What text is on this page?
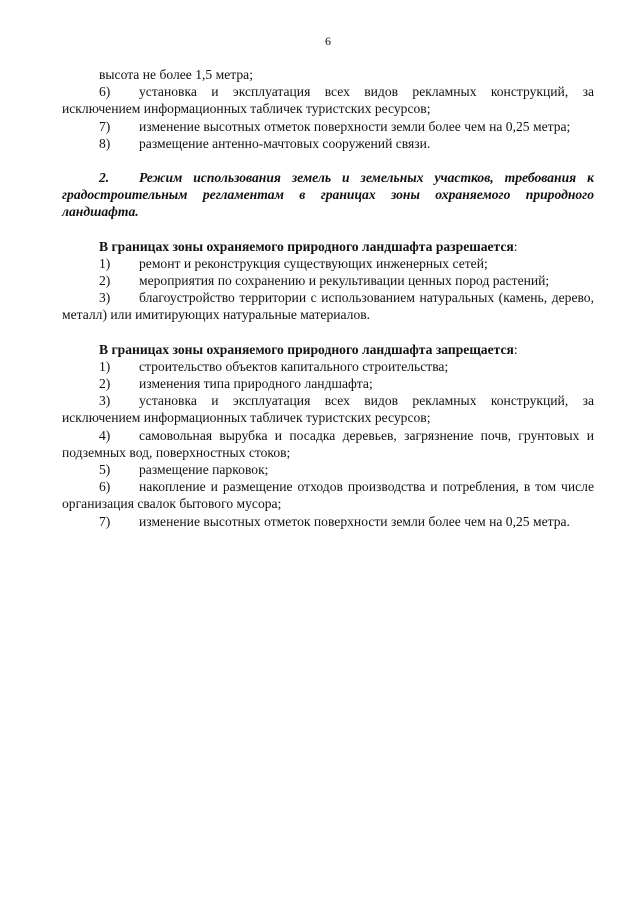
6

высота не более 1,5 метра;

6) установка и эксплуатация всех видов рекламных конструкций, за исключением информационных табличек туристских ресурсов;

7) изменение высотных отметок поверхности земли более чем на 0,25 метра;

8) размещение антенно-мачтовых сооружений связи.

2. Режим использования земель и земельных участков, требования к градостроительным регламентам в границах зоны охраняемого природного ландшафта.

В границах зоны охраняемого природного ландшафта разрешается:

1) ремонт и реконструкция существующих инженерных сетей;

2) мероприятия по сохранению и рекультивации ценных пород растений;

3) благоустройство территории с использованием натуральных (камень, дерево, металл) или имитирующих натуральные материалов.

В границах зоны охраняемого природного ландшафта запрещается:

1) строительство объектов капитального строительства;

2) изменения типа природного ландшафта;

3) установка и эксплуатация всех видов рекламных конструкций, за исключением информационных табличек туристских ресурсов;

4) самовольная вырубка и посадка деревьев, загрязнение почв, грунтовых и подземных вод, поверхностных стоков;

5) размещение парковок;

6) накопление и размещение отходов производства и потребления, в том числе организация свалок бытового мусора;

7) изменение высотных отметок поверхности земли более чем на 0,25 метра.
